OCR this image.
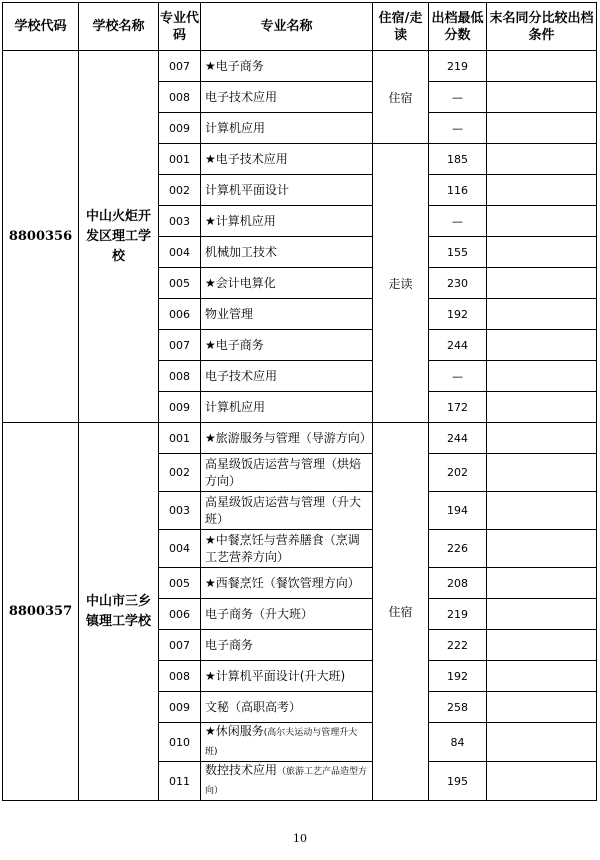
学校代码	学校名称	专业代码	专业名称	住宿/走读	出档最低分数	末名同分比较出档条件
8800356	中山火炬开发区理工学校	007	★电子商务	住宿	219	
		008	电子技术应用		—	
		009	计算机应用		—	
		001	★电子技术应用	走读	185	
		002	计算机平面设计		116	
		003	★计算机应用		—	
		004	机械加工技术		155	
		005	★会计电算化		230	
		006	物业管理		192	
		007	★电子商务		244	
		008	电子技术应用		—	
		009	计算机应用		172	
8800357	中山市三乡镇理工学校	001	★旅游服务与管理（导游方向）	住宿	244	
		002	高星级饭店运营与管理（烘焙方向）		202	
		003	高星级饭店运营与管理（升大班）		194	
		004	★中餐烹饪与营养膳食（烹调工艺营养方向）		226	
		005	★西餐烹饪（餐饮管理方向）		208	
		006	电子商务（升大班）		219	
		007	电子商务		222	
		008	★计算机平面设计(升大班)		192	
		009	文秘（高职高考）		258	
		010	★休闲服务(高尔夫运动与管理升大班)		84	
		011	数控技术应用（旅游工艺产品造型方向）		195	
10
